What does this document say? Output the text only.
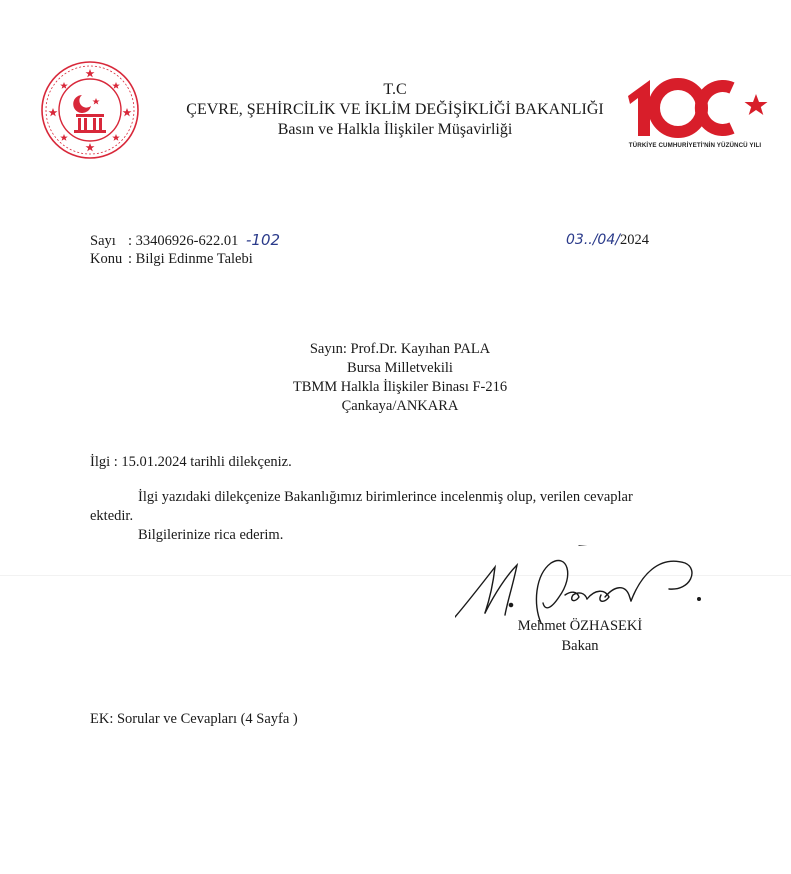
T.C
ÇEVRE, ŞEHİRCİLİK VE İKLİM DEĞİŞİKLİĞİ BAKANLIĞI
Basın ve Halkla İlişkiler Müşavirliği
TÜRKİYE CUMHURİYETİ'NİN YÜZÜNCÜ YILI
Sayı : 33406926-622.01 -102
Konu : Bilgi Edinme Talebi
03../04/2024
Sayın: Prof.Dr. Kayıhan PALA
Bursa Milletvekili
TBMM Halkla İlişkiler Binası F-216
Çankaya/ANKARA
İlgi : 15.01.2024 tarihli dilekçeniz.
İlgi yazıdaki dilekçenize Bakanlığımız birimlerince incelenmiş olup, verilen cevaplar
ektedir.
Bilgilerinize rica ederim.
Mehmet ÖZHASEKİ
Bakan
EK: Sorular ve Cevapları (4 Sayfa )
